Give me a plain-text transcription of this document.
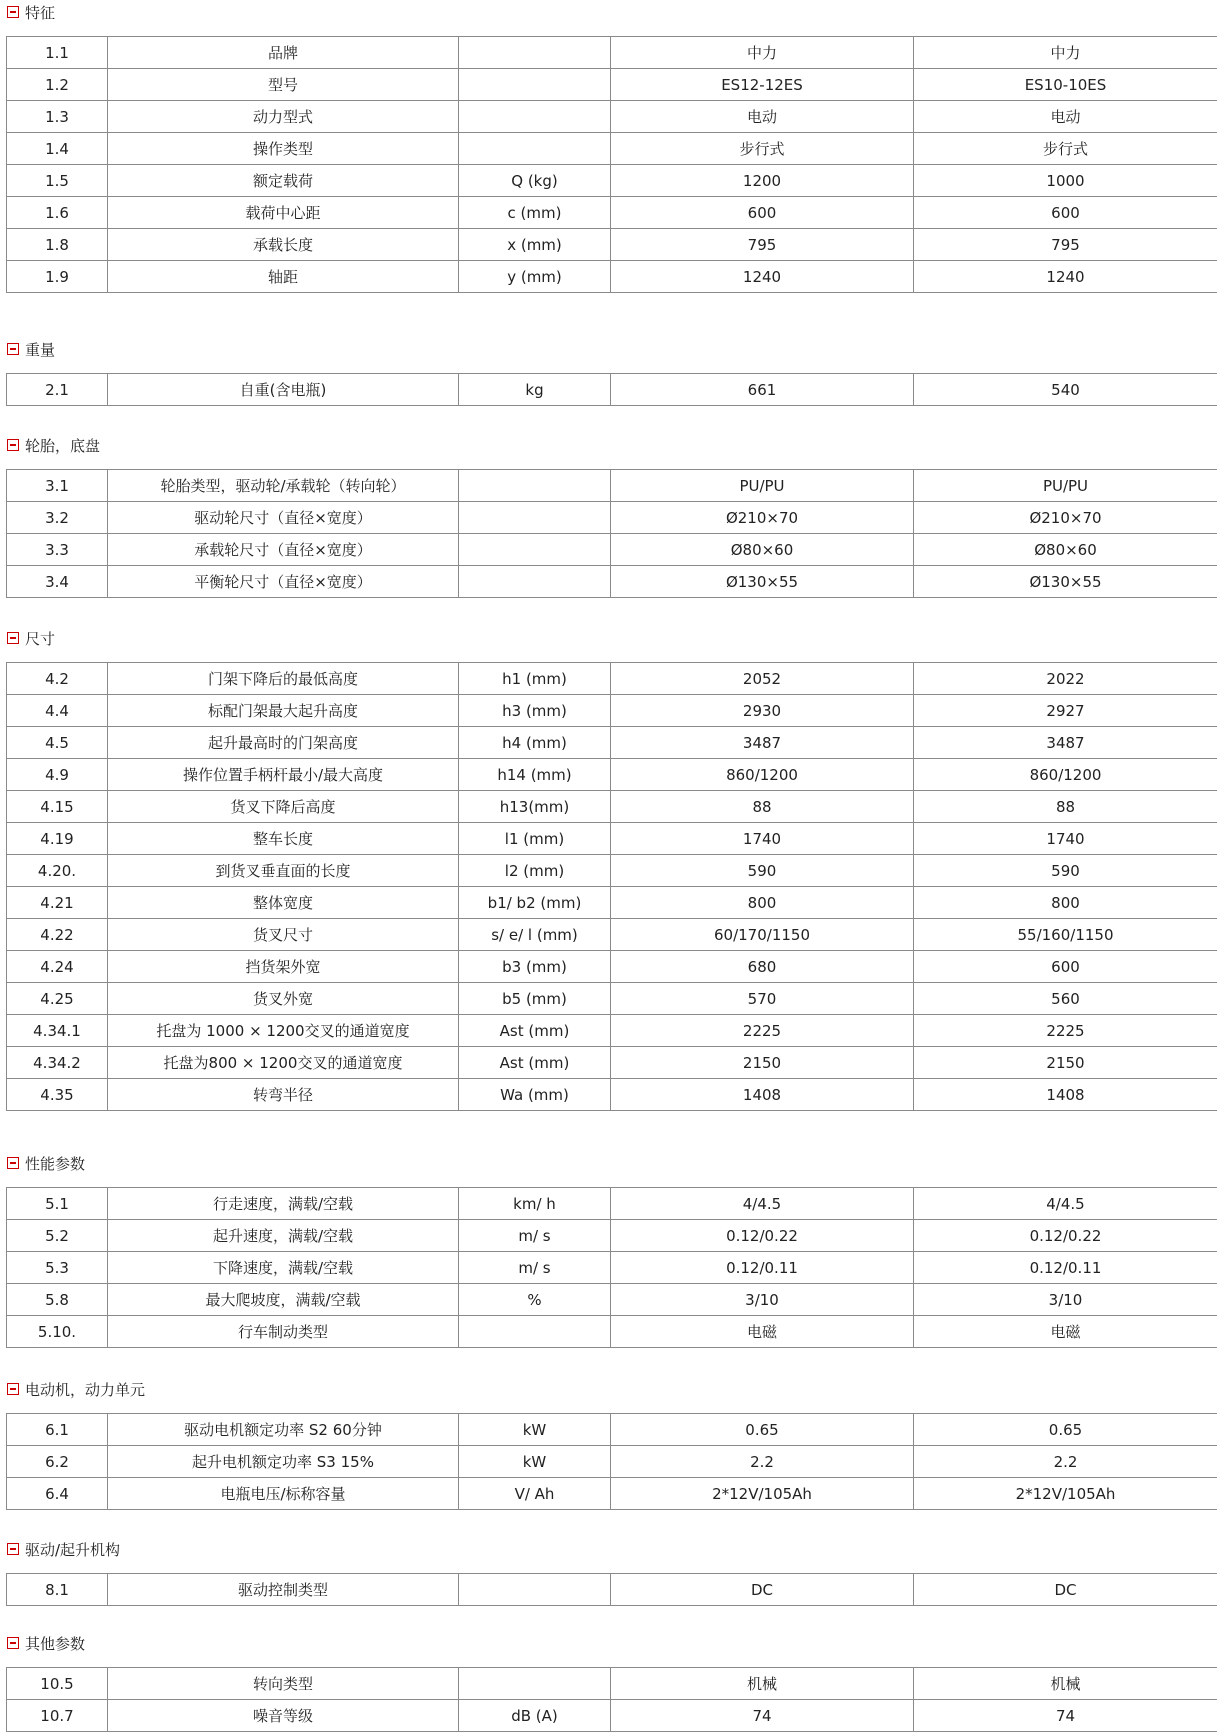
特征
1.1	品牌		中力	中力
1.2	型号		ES12-12ES	ES10-10ES
1.3	动力型式		电动	电动
1.4	操作类型		步行式	步行式
1.5	额定载荷	Q (kg)	1200	1000
1.6	载荷中心距	c (mm)	600	600
1.8	承载长度	x (mm)	795	795
1.9	轴距	y (mm)	1240	1240
重量
2.1	自重(含电瓶)	kg	661	540
轮胎，底盘
3.1	轮胎类型，驱动轮/承载轮（转向轮）		PU/PU	PU/PU
3.2	驱动轮尺寸（直径×宽度）		Ø210×70	Ø210×70
3.3	承载轮尺寸（直径×宽度）		Ø80×60	Ø80×60
3.4	平衡轮尺寸（直径×宽度）		Ø130×55	Ø130×55
尺寸
4.2	门架下降后的最低高度	h1 (mm)	2052	2022
4.4	标配门架最大起升高度	h3 (mm)	2930	2927
4.5	起升最高时的门架高度	h4 (mm)	3487	3487
4.9	操作位置手柄杆最小/最大高度	h14 (mm)	860/1200	860/1200
4.15	货叉下降后高度	h13(mm)	88	88
4.19	整车长度	l1 (mm)	1740	1740
4.20.	到货叉垂直面的长度	l2 (mm)	590	590
4.21	整体宽度	b1/ b2 (mm)	800	800
4.22	货叉尺寸	s/ e/ l (mm)	60/170/1150	55/160/1150
4.24	挡货架外宽	b3 (mm)	680	600
4.25	货叉外宽	b5 (mm)	570	560
4.34.1	托盘为 1000 × 1200交叉的通道宽度	Ast (mm)	2225	2225
4.34.2	托盘为800 × 1200交叉的通道宽度	Ast (mm)	2150	2150
4.35	转弯半径	Wa (mm)	1408	1408
性能参数
5.1	行走速度，满载/空载	km/ h	4/4.5	4/4.5
5.2	起升速度，满载/空载	m/ s	0.12/0.22	0.12/0.22
5.3	下降速度，满载/空载	m/ s	0.12/0.11	0.12/0.11
5.8	最大爬坡度，满载/空载	%	3/10	3/10
5.10.	行车制动类型		电磁	电磁
电动机，动力单元
6.1	驱动电机额定功率 S2 60分钟	kW	0.65	0.65
6.2	起升电机额定功率 S3 15%	kW	2.2	2.2
6.4	电瓶电压/标称容量	V/ Ah	2*12V/105Ah	2*12V/105Ah
驱动/起升机构
8.1	驱动控制类型		DC	DC
其他参数
10.5	转向类型		机械	机械
10.7	噪音等级	dB (A)	74	74
